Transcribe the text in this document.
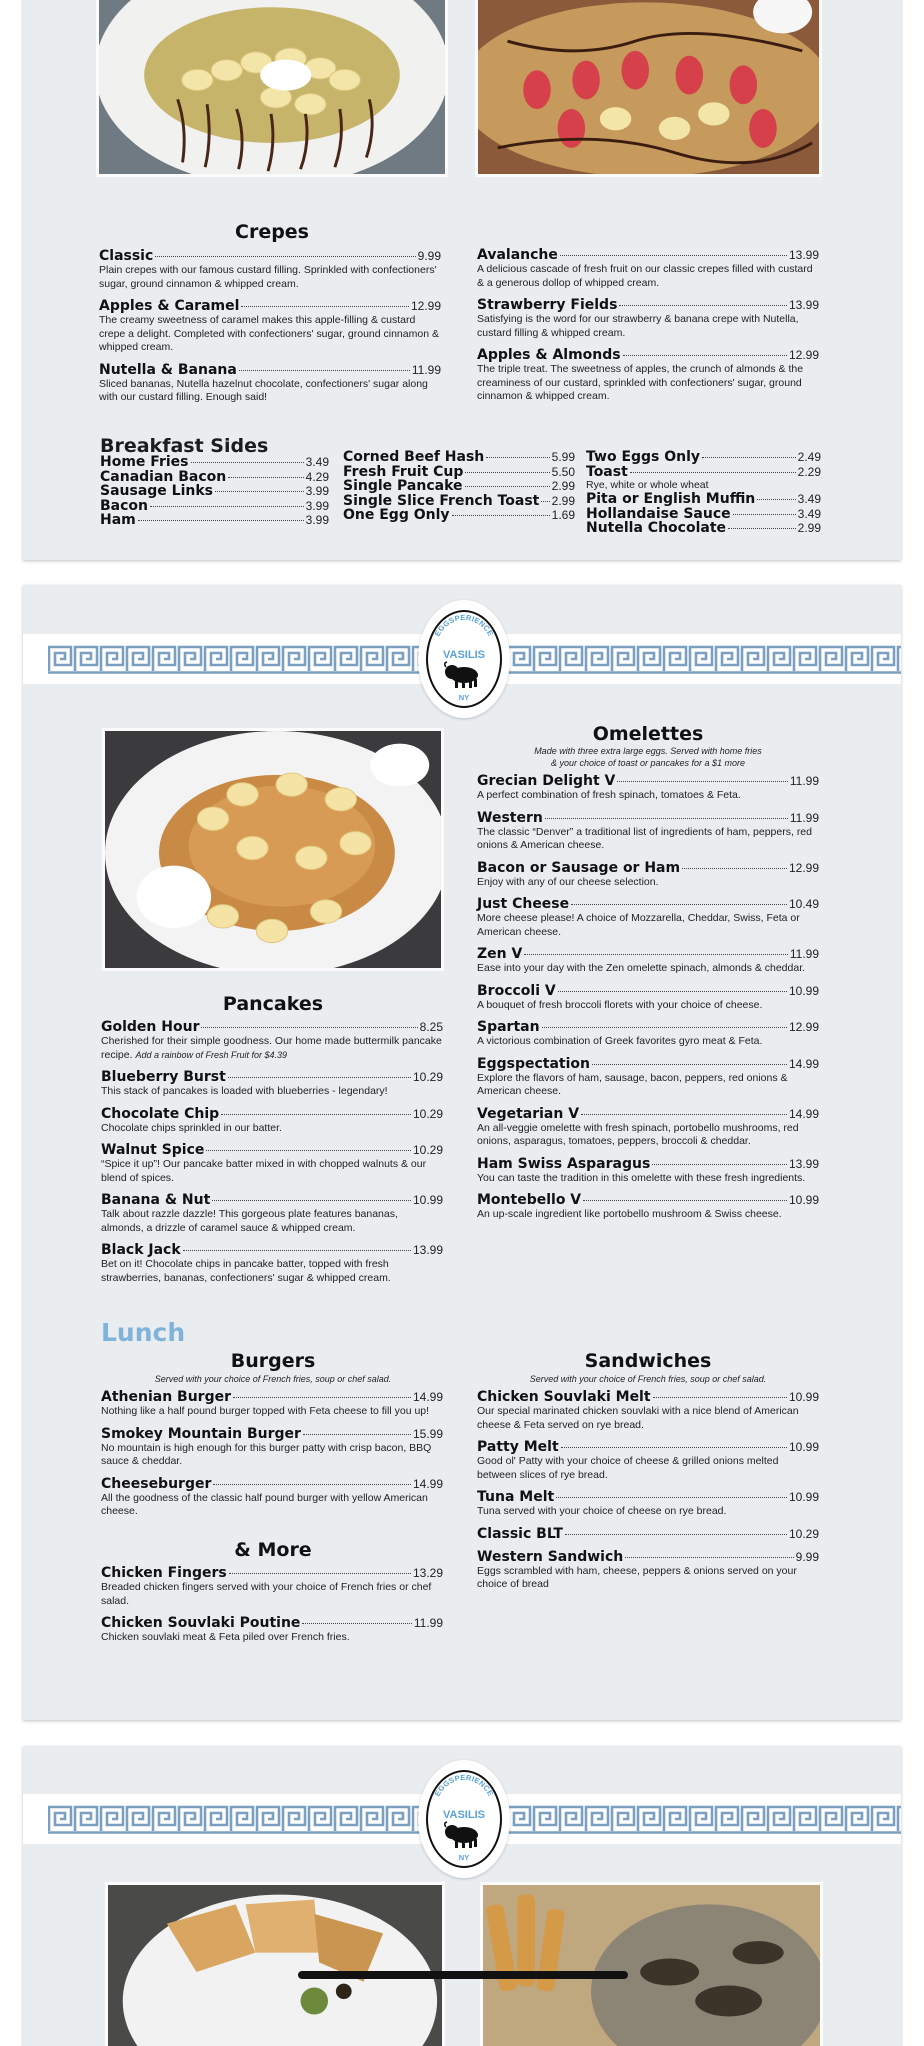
Crepes
Classic	9.99
Plain crepes with our famous custard filling. Sprinkled with confectioners' sugar, ground cinnamon & whipped cream.
Apples & Caramel	12.99
The creamy sweetness of caramel makes this apple-filling & custard crepe a delight. Completed with confectioners' sugar, ground cinnamon & whipped cream.
Nutella & Banana	11.99
Sliced bananas, Nutella hazelnut chocolate, confectioners' sugar along with our custard filling. Enough said!
Avalanche	13.99
A delicious cascade of fresh fruit on our classic crepes filled with custard & a generous dollop of whipped cream.
Strawberry Fields	13.99
Satisfying is the word for our strawberry & banana crepe with Nutella, custard filling & whipped cream.
Apples & Almonds	12.99
The triple treat. The sweetness of apples, the crunch of almonds & the creaminess of our custard, sprinkled with confectioners' sugar, ground cinnamon & whipped cream.
Breakfast Sides
Home Fries	3.49
Canadian Bacon	4.29
Sausage Links	3.99
Bacon	3.99
Ham	3.99
Corned Beef Hash	5.99
Fresh Fruit Cup	5.50
Single Pancake	2.99
Single Slice French Toast 2.99
One Egg Only	1.69
Two Eggs Only	2.49
Toast	2.29
Rye, white or whole wheat
Pita or English Muffin	3.49
Hollandaise Sauce	3.49
Nutella Chocolate	2.99
EGGSPERIENCE
VASILIS
NY
Pancakes
Golden Hour	8.25
Cherished for their simple goodness. Our home made buttermilk pancake recipe. Add a rainbow of Fresh Fruit for $4.39
Blueberry Burst	10.29
This stack of pancakes is loaded with blueberries - legendary!
Chocolate Chip	10.29
Chocolate chips sprinkled in our batter.
Walnut Spice	10.29
“Spice it up”! Our pancake batter mixed in with chopped walnuts & our blend of spices.
Banana & Nut	10.99
Talk about razzle dazzle! This gorgeous plate features bananas, almonds, a drizzle of caramel sauce & whipped cream.
Black Jack	13.99
Bet on it! Chocolate chips in pancake batter, topped with fresh strawberries, bananas, confectioners' sugar & whipped cream.
Omelettes
Made with three extra large eggs. Served with home fries
& your choice of toast or pancakes for a $1 more
Grecian Delight V	11.99
A perfect combination of fresh spinach, tomatoes & Feta.
Western	11.99
The classic “Denver” a traditional list of ingredients of ham, peppers, red onions & American cheese.
Bacon or Sausage or Ham	12.99
Enjoy with any of our cheese selection.
Just Cheese	10.49
More cheese please! A choice of Mozzarella, Cheddar, Swiss, Feta or American cheese.
Zen V	11.99
Ease into your day with the Zen omelette spinach, almonds & cheddar.
Broccoli V	10.99
A bouquet of fresh broccoli florets with your choice of cheese.
Spartan	12.99
A victorious combination of Greek favorites gyro meat & Feta.
Eggspectation	14.99
Explore the flavors of ham, sausage, bacon, peppers, red onions & American cheese.
Vegetarian V	14.99
An all-veggie omelette with fresh spinach, portobello mushrooms, red onions, asparagus, tomatoes, peppers, broccoli & cheddar.
Ham Swiss Asparagus	13.99
You can taste the tradition in this omelette with these fresh ingredients.
Montebello V	10.99
An up-scale ingredient like portobello mushroom & Swiss cheese.
Lunch
Burgers
Served with your choice of French fries, soup or chef salad.
Athenian Burger	14.99
Nothing like a half pound burger topped with Feta cheese to fill you up!
Smokey Mountain Burger	15.99
No mountain is high enough for this burger patty with crisp bacon, BBQ sauce & cheddar.
Cheeseburger	14.99
All the goodness of the classic half pound burger with yellow American cheese.
& More
Chicken Fingers	13.29
Breaded chicken fingers served with your choice of French fries or chef salad.
Chicken Souvlaki Poutine	11.99
Chicken souvlaki meat & Feta piled over French fries.
Sandwiches
Served with your choice of French fries, soup or chef salad.
Chicken Souvlaki Melt	10.99
Our special marinated chicken souvlaki with a nice blend of American cheese & Feta served on rye bread.
Patty Melt	10.99
Good ol' Patty with your choice of cheese & grilled onions melted between slices of rye bread.
Tuna Melt	10.99
Tuna served with your choice of cheese on rye bread.
Classic BLT	10.29
Western Sandwich	9.99
Eggs scrambled with ham, cheese, peppers & onions served on your choice of bread
EGGSPERIENCE
VASILIS
NY
